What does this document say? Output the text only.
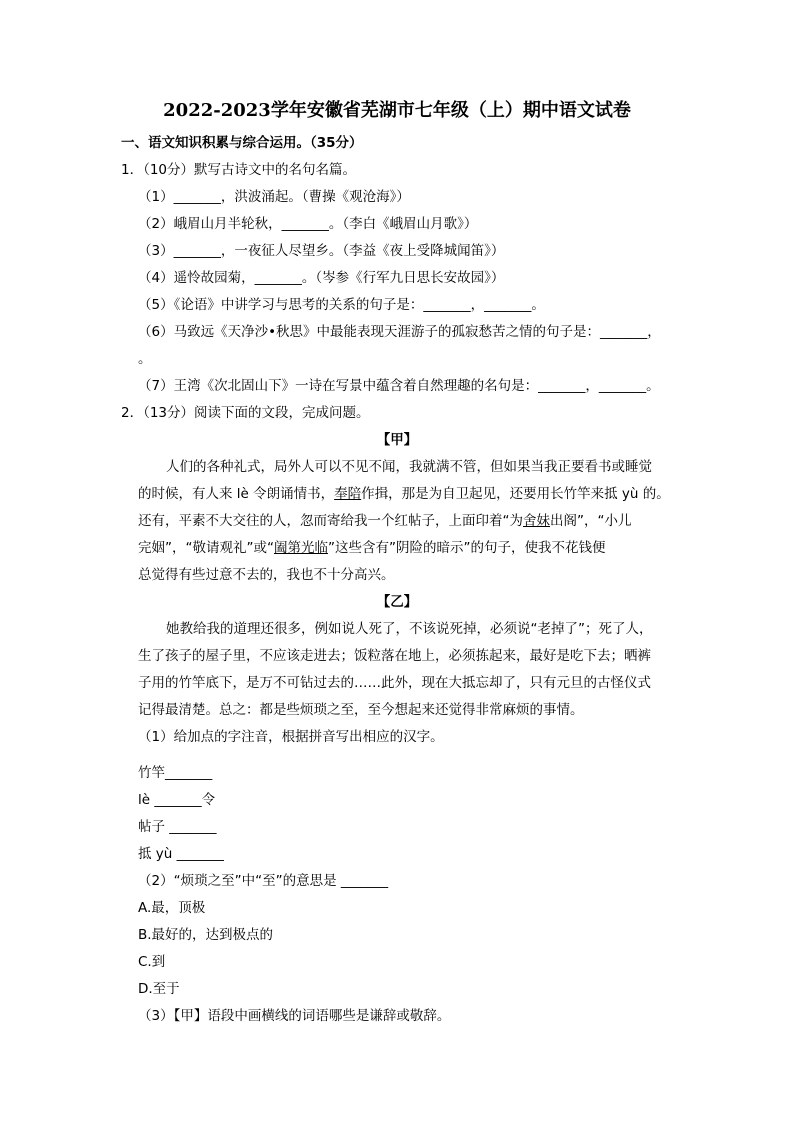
2022-2023学年安徽省芜湖市七年级（上）期中语文试卷
一、语文知识积累与综合运用。（35分）
1．（10分）默写古诗文中的名句名篇。
（1）_______，洪波涌起。（曹操《观沧海》）
（2）峨眉山月半轮秋，_______。（李白《峨眉山月歌》）
（3）_______，一夜征人尽望乡。（李益《夜上受降城闻笛》）
（4）遥怜故园菊，_______。（岑参《行军九日思长安故园》）
（5）《论语》中讲学习与思考的关系的句子是：_______，_______。
（6）马致远《天净沙•秋思》中最能表现天涯游子的孤寂愁苦之情的句子是：_______，
。
（7）王湾《次北固山下》一诗在写景中蕴含着自然理趣的名句是：_______，_______。
2．（13分）阅读下面的文段，完成问题。
【甲】
人们的各种礼式，局外人可以不见不闻，我就满不管，但如果当我正要看书或睡觉
的时候，有人来 lè 令朗诵情书，奉陪作揖，那是为自卫起见，还要用长竹竿来抵 yù 的。
还有，平素不大交往的人，忽而寄给我一个红帖子，上面印着“为舍妹出阁”，“小儿
完姻”，“敬请观礼”或“阖第光临”这些含有”阴险的暗示”的句子，使我不花钱便
总觉得有些过意不去的，我也不十分高兴。
【乙】
她教给我的道理还很多，例如说人死了，不该说死掉，必须说“老掉了”；死了人，
生了孩子的屋子里，不应该走进去；饭粒落在地上，必须拣起来，最好是吃下去；晒裤
子用的竹竿底下，是万不可钻过去的……此外，现在大抵忘却了，只有元旦的古怪仪式
记得最清楚。总之：都是些烦琐之至，至今想起来还觉得非常麻烦的事情。
（1）给加点的字注音，根据拼音写出相应的汉字。
竹竿_______
lè _______令
帖子 _______
抵 yù _______
（2）“烦琐之至”中“至”的意思是 _______
A.最，顶极
B.最好的，达到极点的
C.到
D.至于
（3）【甲】语段中画横线的词语哪些是谦辞或敬辞。
